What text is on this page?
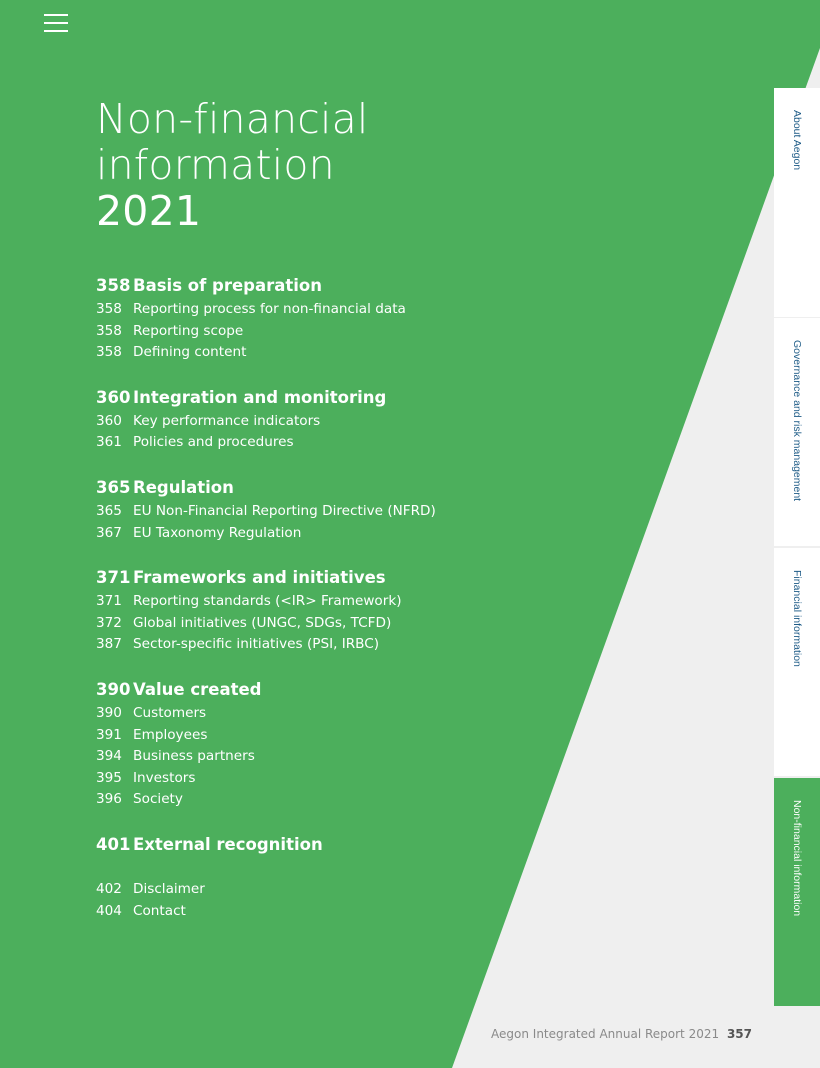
Non-financial
information
2021
358 Basis of preparation
358 Reporting process for non-financial data
358 Reporting scope
358 Defining content
360 Integration and monitoring
360 Key performance indicators
361 Policies and procedures
365 Regulation
365 EU Non-Financial Reporting Directive (NFRD)
367 EU Taxonomy Regulation
371 Frameworks and initiatives
371 Reporting standards (<IR> Framework)
372 Global initiatives (UNGC, SDGs, TCFD)
387 Sector-specific initiatives (PSI, IRBC)
390 Value created
390 Customers
391 Employees
394 Business partners
395 Investors
396 Society
401 External recognition
402 Disclaimer
404 Contact
About Aegon
Governance and risk management
Financial information
Non-financial information
Aegon Integrated Annual Report 2021 357
